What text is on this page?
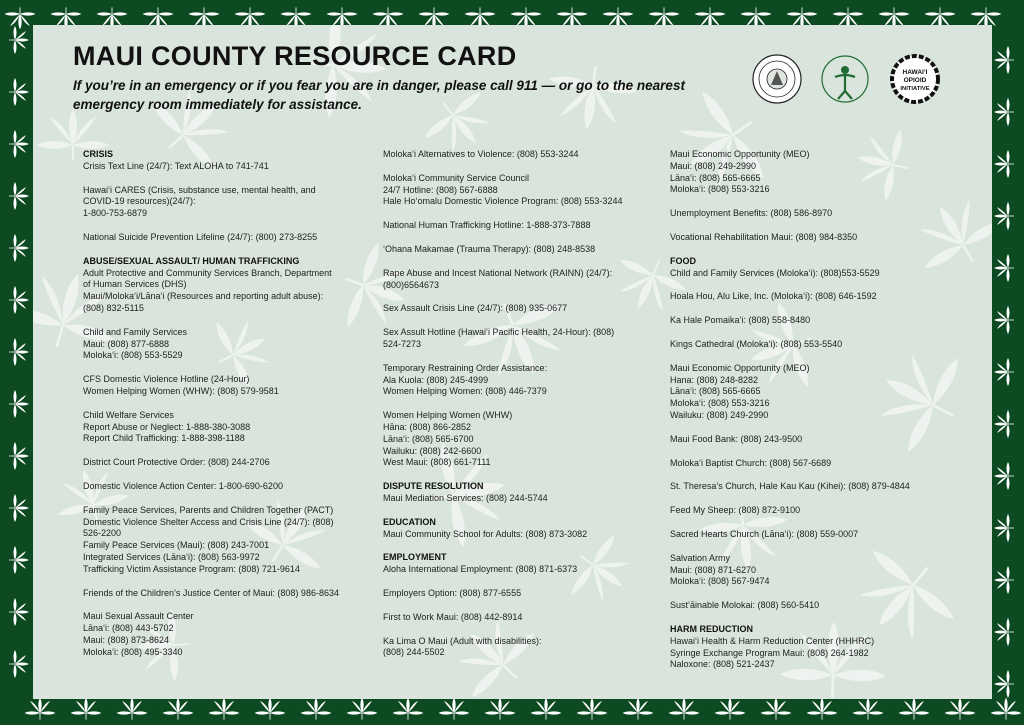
MAUI COUNTY RESOURCE CARD

If you’re in an emergency or if you fear you are in danger, please call 911 — or go to the nearest emergency room immediately for assistance.

HAWAI‘I
OPIOID
INITIATIVE
CRISIS
Crisis Text Line (24/7): Text ALOHA to 741-741
Hawai‘i CARES (Crisis, substance use, mental health, and
COVID-19 resources)(24/7):
1-800-753-6879
National Suicide Prevention Lifeline (24/7): (800) 273-8255
ABUSE/SEXUAL ASSAULT/ HUMAN TRAFFICKING
Adult Protective and Community Services Branch, Department
of Human Services (DHS)
Maui/Moloka‘i/Lāna‘i (Resources and reporting adult abuse):
(808) 832-5115
Child and Family Services
Maui: (808) 877-6888
Moloka‘i: (808) 553-5529
CFS Domestic Violence Hotline (24-Hour)
Women Helping Women (WHW): (808) 579-9581
Child Welfare Services
Report Abuse or Neglect: 1-888-380-3088
Report Child Trafficking: 1-888-398-1188
District Court Protective Order: (808) 244-2706
Domestic Violence Action Center: 1-800-690-6200
Family Peace Services, Parents and Children Together (PACT)
Domestic Violence Shelter Access and Crisis Line (24/7): (808)
526-2200
Family Peace Services (Maui): (808) 243-7001
Integrated Services (Lāna‘i): (808) 563-9972
Trafficking Victim Assistance Program: (808) 721-9614
Friends of the Children’s Justice Center of Maui: (808) 986-8634
Maui Sexual Assault Center
Lāna‘i: (808) 443-5702
Maui: (808) 873-8624
Moloka‘i: (808) 495-3340
Moloka‘i Alternatives to Violence: (808) 553-3244
Moloka‘i Community Service Council
24/7 Hotline: (808) 567-6888
Hale Ho‘omalu Domestic Violence Program: (808) 553-3244
National Human Trafficking Hotline: 1-888-373-7888
‘Ohana Makamae (Trauma Therapy): (808) 248-8538
Rape Abuse and Incest National Network (RAINN) (24/7):
(800)6564673
Sex Assault Crisis Line (24/7): (808) 935-0677
Sex Assult Hotline (Hawai‘i Pacific Health, 24-Hour): (808)
524-7273
Temporary Restraining Order Assistance:
Ala Kuola: (808) 245-4999
Women Helping Women: (808) 446-7379
Women Helping Women (WHW)
Hāna: (808) 866-2852
Lāna‘i: (808) 565-6700
Wailuku: (808) 242-6600
West Maui: (808) 661-7111
DISPUTE RESOLUTION
Maui Mediation Services: (808) 244-5744
EDUCATION
Maui Community School for Adults: (808) 873-3082
EMPLOYMENT
Aloha International Employment: (808) 871-6373
Employers Option: (808) 877-6555
First to Work Maui: (808) 442-8914
Ka Lima O Maui (Adult with disabilities):
(808) 244-5502
Maui Economic Opportunity (MEO)
Maui: (808) 249-2990
Lāna‘i: (808) 565-6665
Moloka‘i: (808) 553-3216
Unemployment Benefits: (808) 586-8970
Vocational Rehabilitation Maui: (808) 984-8350
FOOD
Child and Family Services (Moloka‘i): (808)553-5529
Hoala Hou, Alu Like, Inc. (Moloka‘i): (808) 646-1592
Ka Hale Pomaika‘i: (808) 558-8480
Kings Cathedral (Moloka‘i): (808) 553-5540
Maui Economic Opportunity (MEO)
Hana: (808) 248-8282
Lāna‘i: (808) 565-6665
Moloka‘i: (808) 553-3216
Wailuku: (808) 249-2990
Maui Food Bank: (808) 243-9500
Moloka‘i Baptist Church: (808) 567-6689
St. Theresa’s Church, Hale Kau Kau (Kihei): (808) 879-4844
Feed My Sheep: (808) 872-9100
Sacred Hearts Church (Lāna‘i): (808) 559-0007
Salvation Army
Maui: (808) 871-6270
Moloka‘i: (808) 567-9474
Sust‘āinable Molokai: (808) 560-5410
HARM REDUCTION
Hawai‘i Health & Harm Reduction Center (HHHRC)
Syringe Exchange Program Maui: (808) 264-1982
Naloxone: (808) 521-2437
